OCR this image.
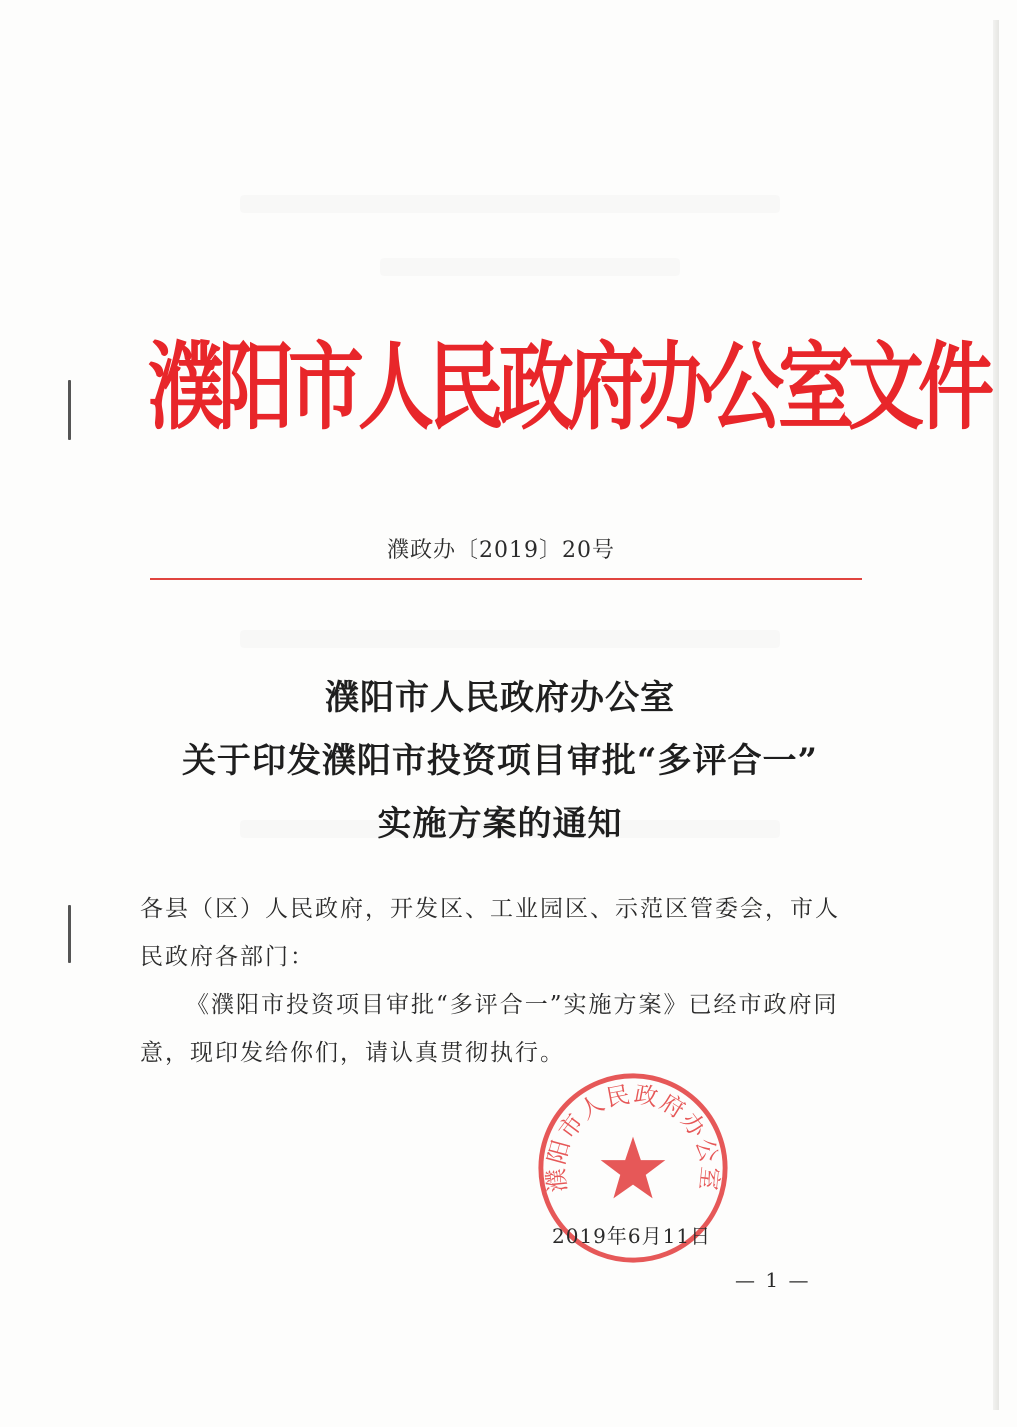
濮阳市人民政府办公室文件
濮政办〔2019〕20号
濮阳市人民政府办公室
关于印发濮阳市投资项目审批“多评合一”
实施方案的通知
各县（区）人民政府，开发区、工业园区、示范区管委会，市人民政府各部门：
《濮阳市投资项目审批“多评合一”实施方案》已经市政府同意，现印发给你们，请认真贯彻执行。
濮阳市人民政府办公室
2019年6月11日
— 1 —
